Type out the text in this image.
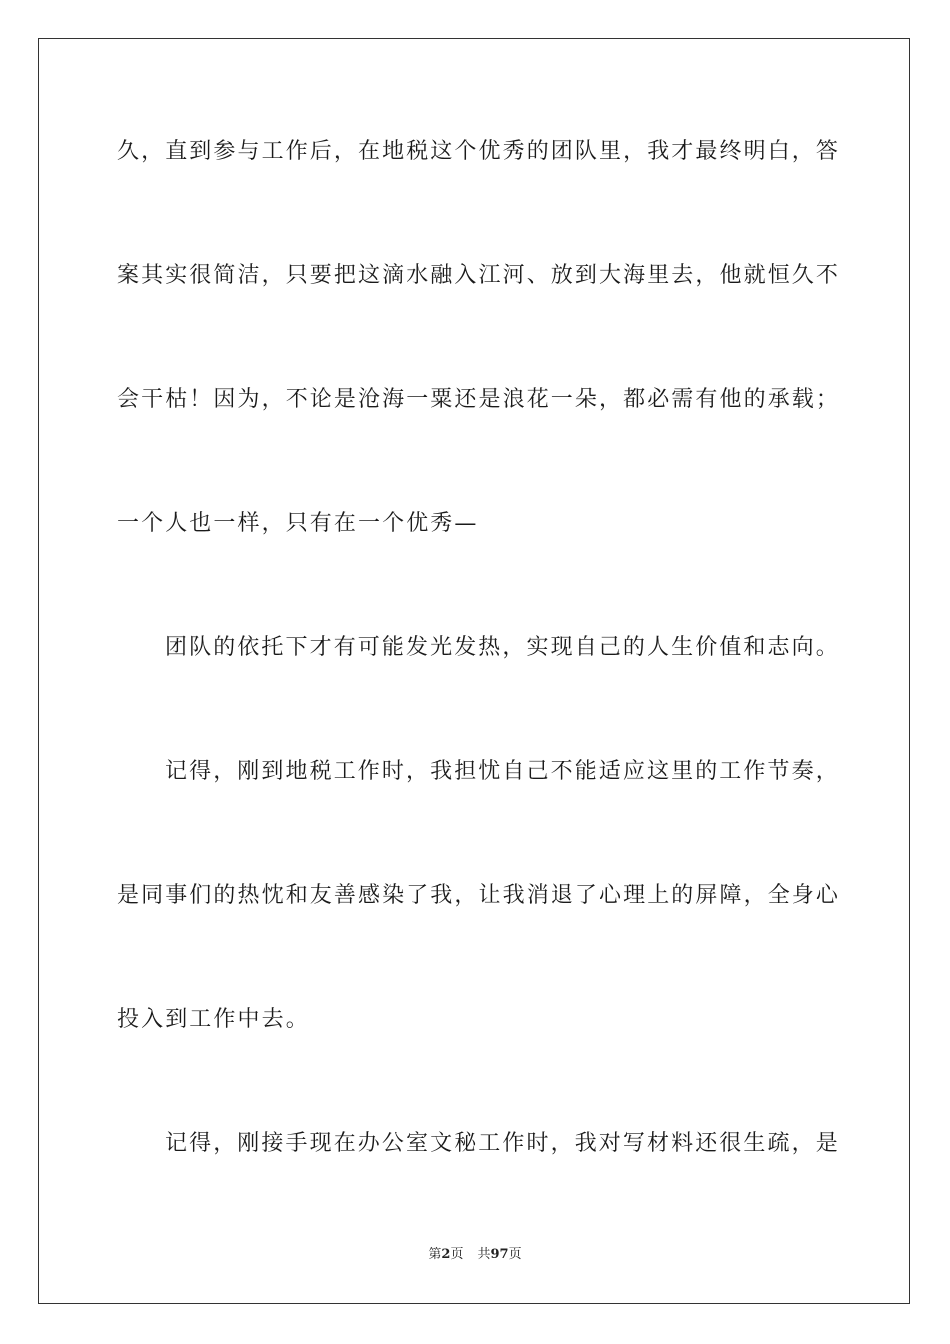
久，直到参与工作后，在地税这个优秀的团队里，我才最终明白，答
案其实很简洁，只要把这滴水融入江河、放到大海里去，他就恒久不
会干枯！因为，不论是沧海一粟还是浪花一朵，都必需有他的承载；
一个人也一样，只有在一个优秀—
团队的依托下才有可能发光发热，实现自己的人生价值和志向。
记得，刚到地税工作时，我担忧自己不能适应这里的工作节奏，
是同事们的热忱和友善感染了我，让我消退了心理上的屏障，全身心
投入到工作中去。
记得，刚接手现在办公室文秘工作时，我对写材料还很生疏，是
第2页 共97页
